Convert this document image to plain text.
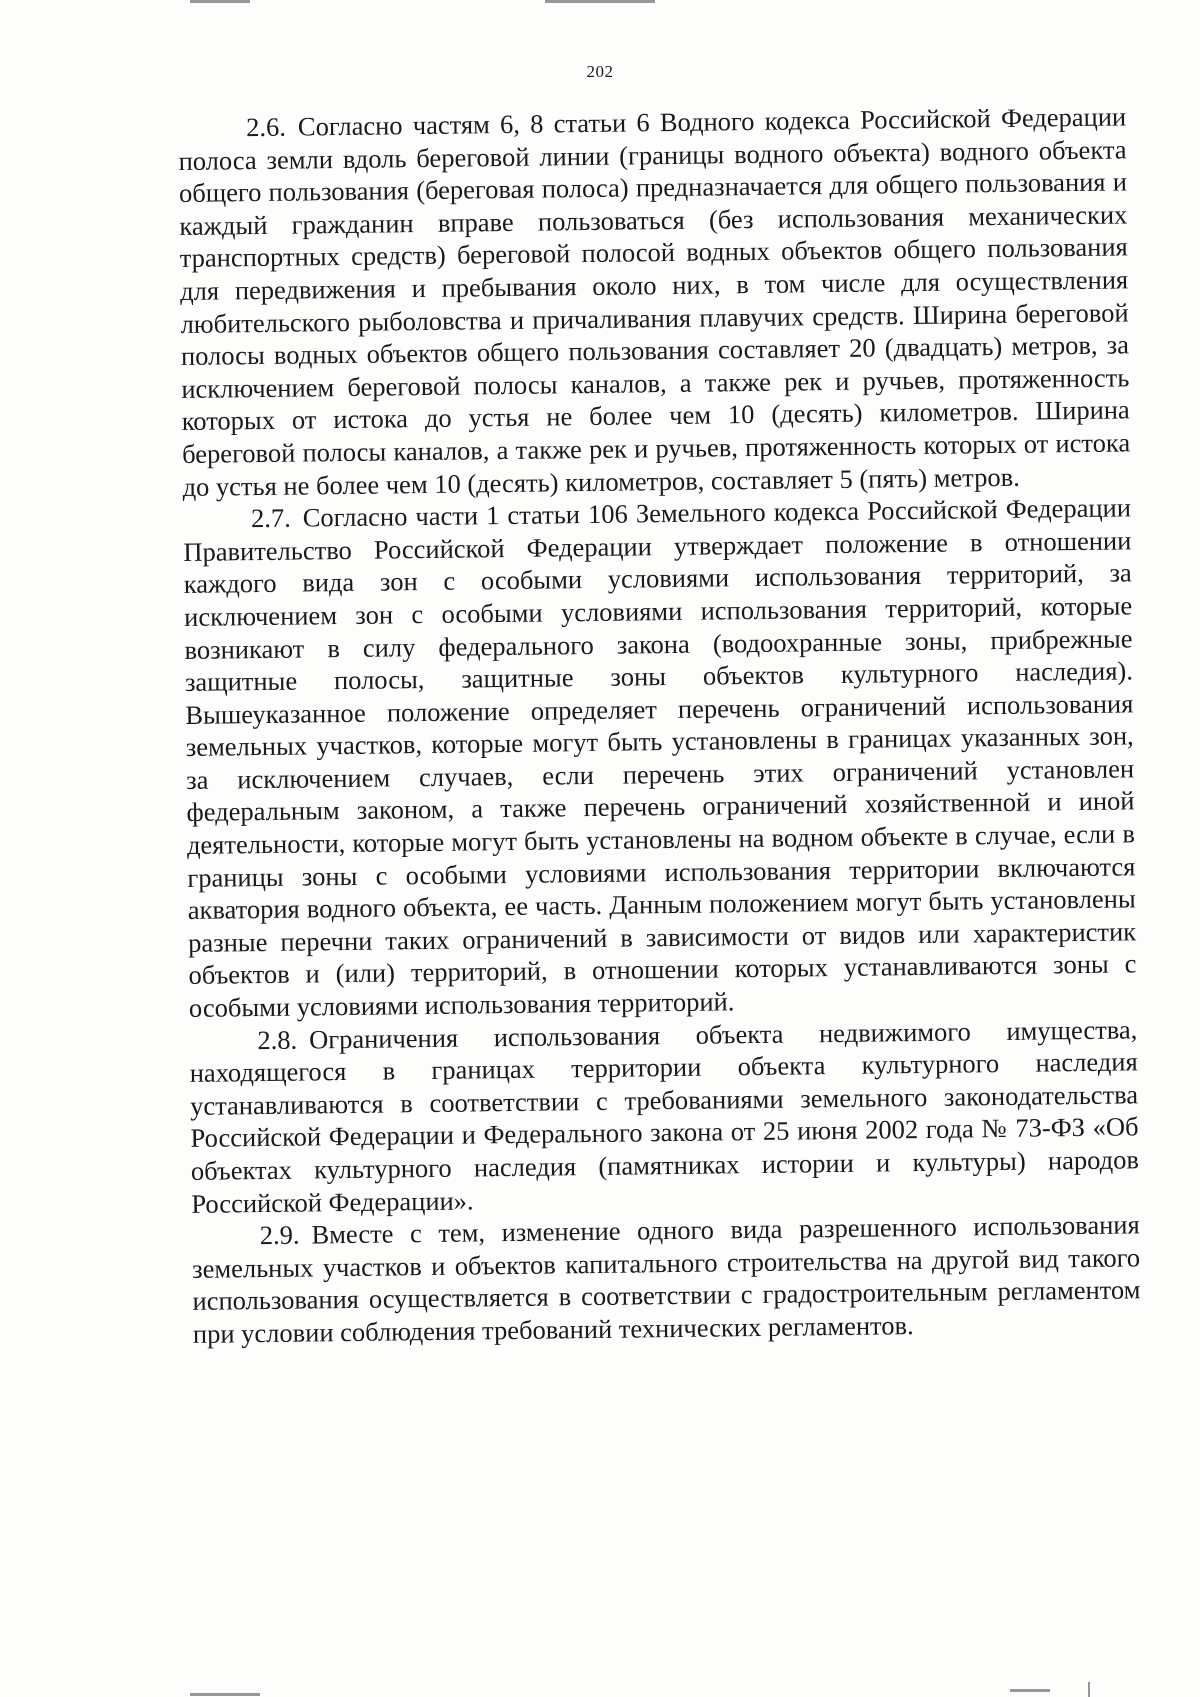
202

2.6. Согласно частям 6, 8 статьи 6 Водного кодекса Российской Федерации полоса земли вдоль береговой линии (границы водного объекта) водного объекта общего пользования (береговая полоса) предназначается для общего пользования и каждый гражданин вправе пользоваться (без использования механических транспортных средств) береговой полосой водных объектов общего пользования для передвижения и пребывания около них, в том числе для осуществления любительского рыболовства и причаливания плавучих средств. Ширина береговой полосы водных объектов общего пользования составляет 20 (двадцать) метров, за исключением береговой полосы каналов, а также рек и ручьев, протяженность которых от истока до устья не более чем 10 (десять) километров. Ширина береговой полосы каналов, а также рек и ручьев, протяженность которых от истока до устья не более чем 10 (десять) километров, составляет 5 (пять) метров.

2.7. Согласно части 1 статьи 106 Земельного кодекса Российской Федерации Правительство Российской Федерации утверждает положение в отношении каждого вида зон с особыми условиями использования территорий, за исключением зон с особыми условиями использования территорий, которые возникают в силу федерального закона (водоохранные зоны, прибрежные защитные полосы, защитные зоны объектов культурного наследия). Вышеуказанное положение определяет перечень ограничений использования земельных участков, которые могут быть установлены в границах указанных зон, за исключением случаев, если перечень этих ограничений установлен федеральным законом, а также перечень ограничений хозяйственной и иной деятельности, которые могут быть установлены на водном объекте в случае, если в границы зоны с особыми условиями использования территории включаются акватория водного объекта, ее часть. Данным положением могут быть установлены разные перечни таких ограничений в зависимости от видов или характеристик объектов и (или) территорий, в отношении которых устанавливаются зоны с особыми условиями использования территорий.

2.8. Ограничения использования объекта недвижимого имущества, находящегося в границах территории объекта культурного наследия устанавливаются в соответствии с требованиями земельного законодательства Российской Федерации и Федерального закона от 25 июня 2002 года № 73-ФЗ «Об объектах культурного наследия (памятниках истории и культуры) народов Российской Федерации».

2.9. Вместе с тем, изменение одного вида разрешенного использования земельных участков и объектов капитального строительства на другой вид такого использования осуществляется в соответствии с градостроительным регламентом при условии соблюдения требований технических регламентов.
